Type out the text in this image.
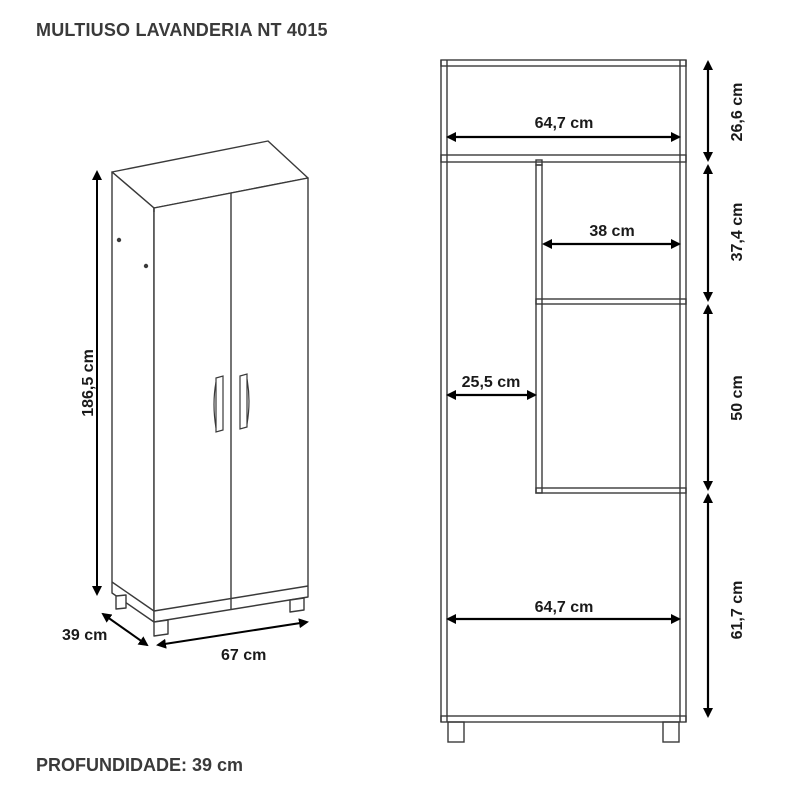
MULTIUSO LAVANDERIA NT 4015
186,5 cm
39 cm
67 cm
64,7 cm
38 cm
25,5 cm
64,7 cm
26,6 cm
37,4 cm
50 cm
61,7 cm
PROFUNDIDADE: 39 cm
